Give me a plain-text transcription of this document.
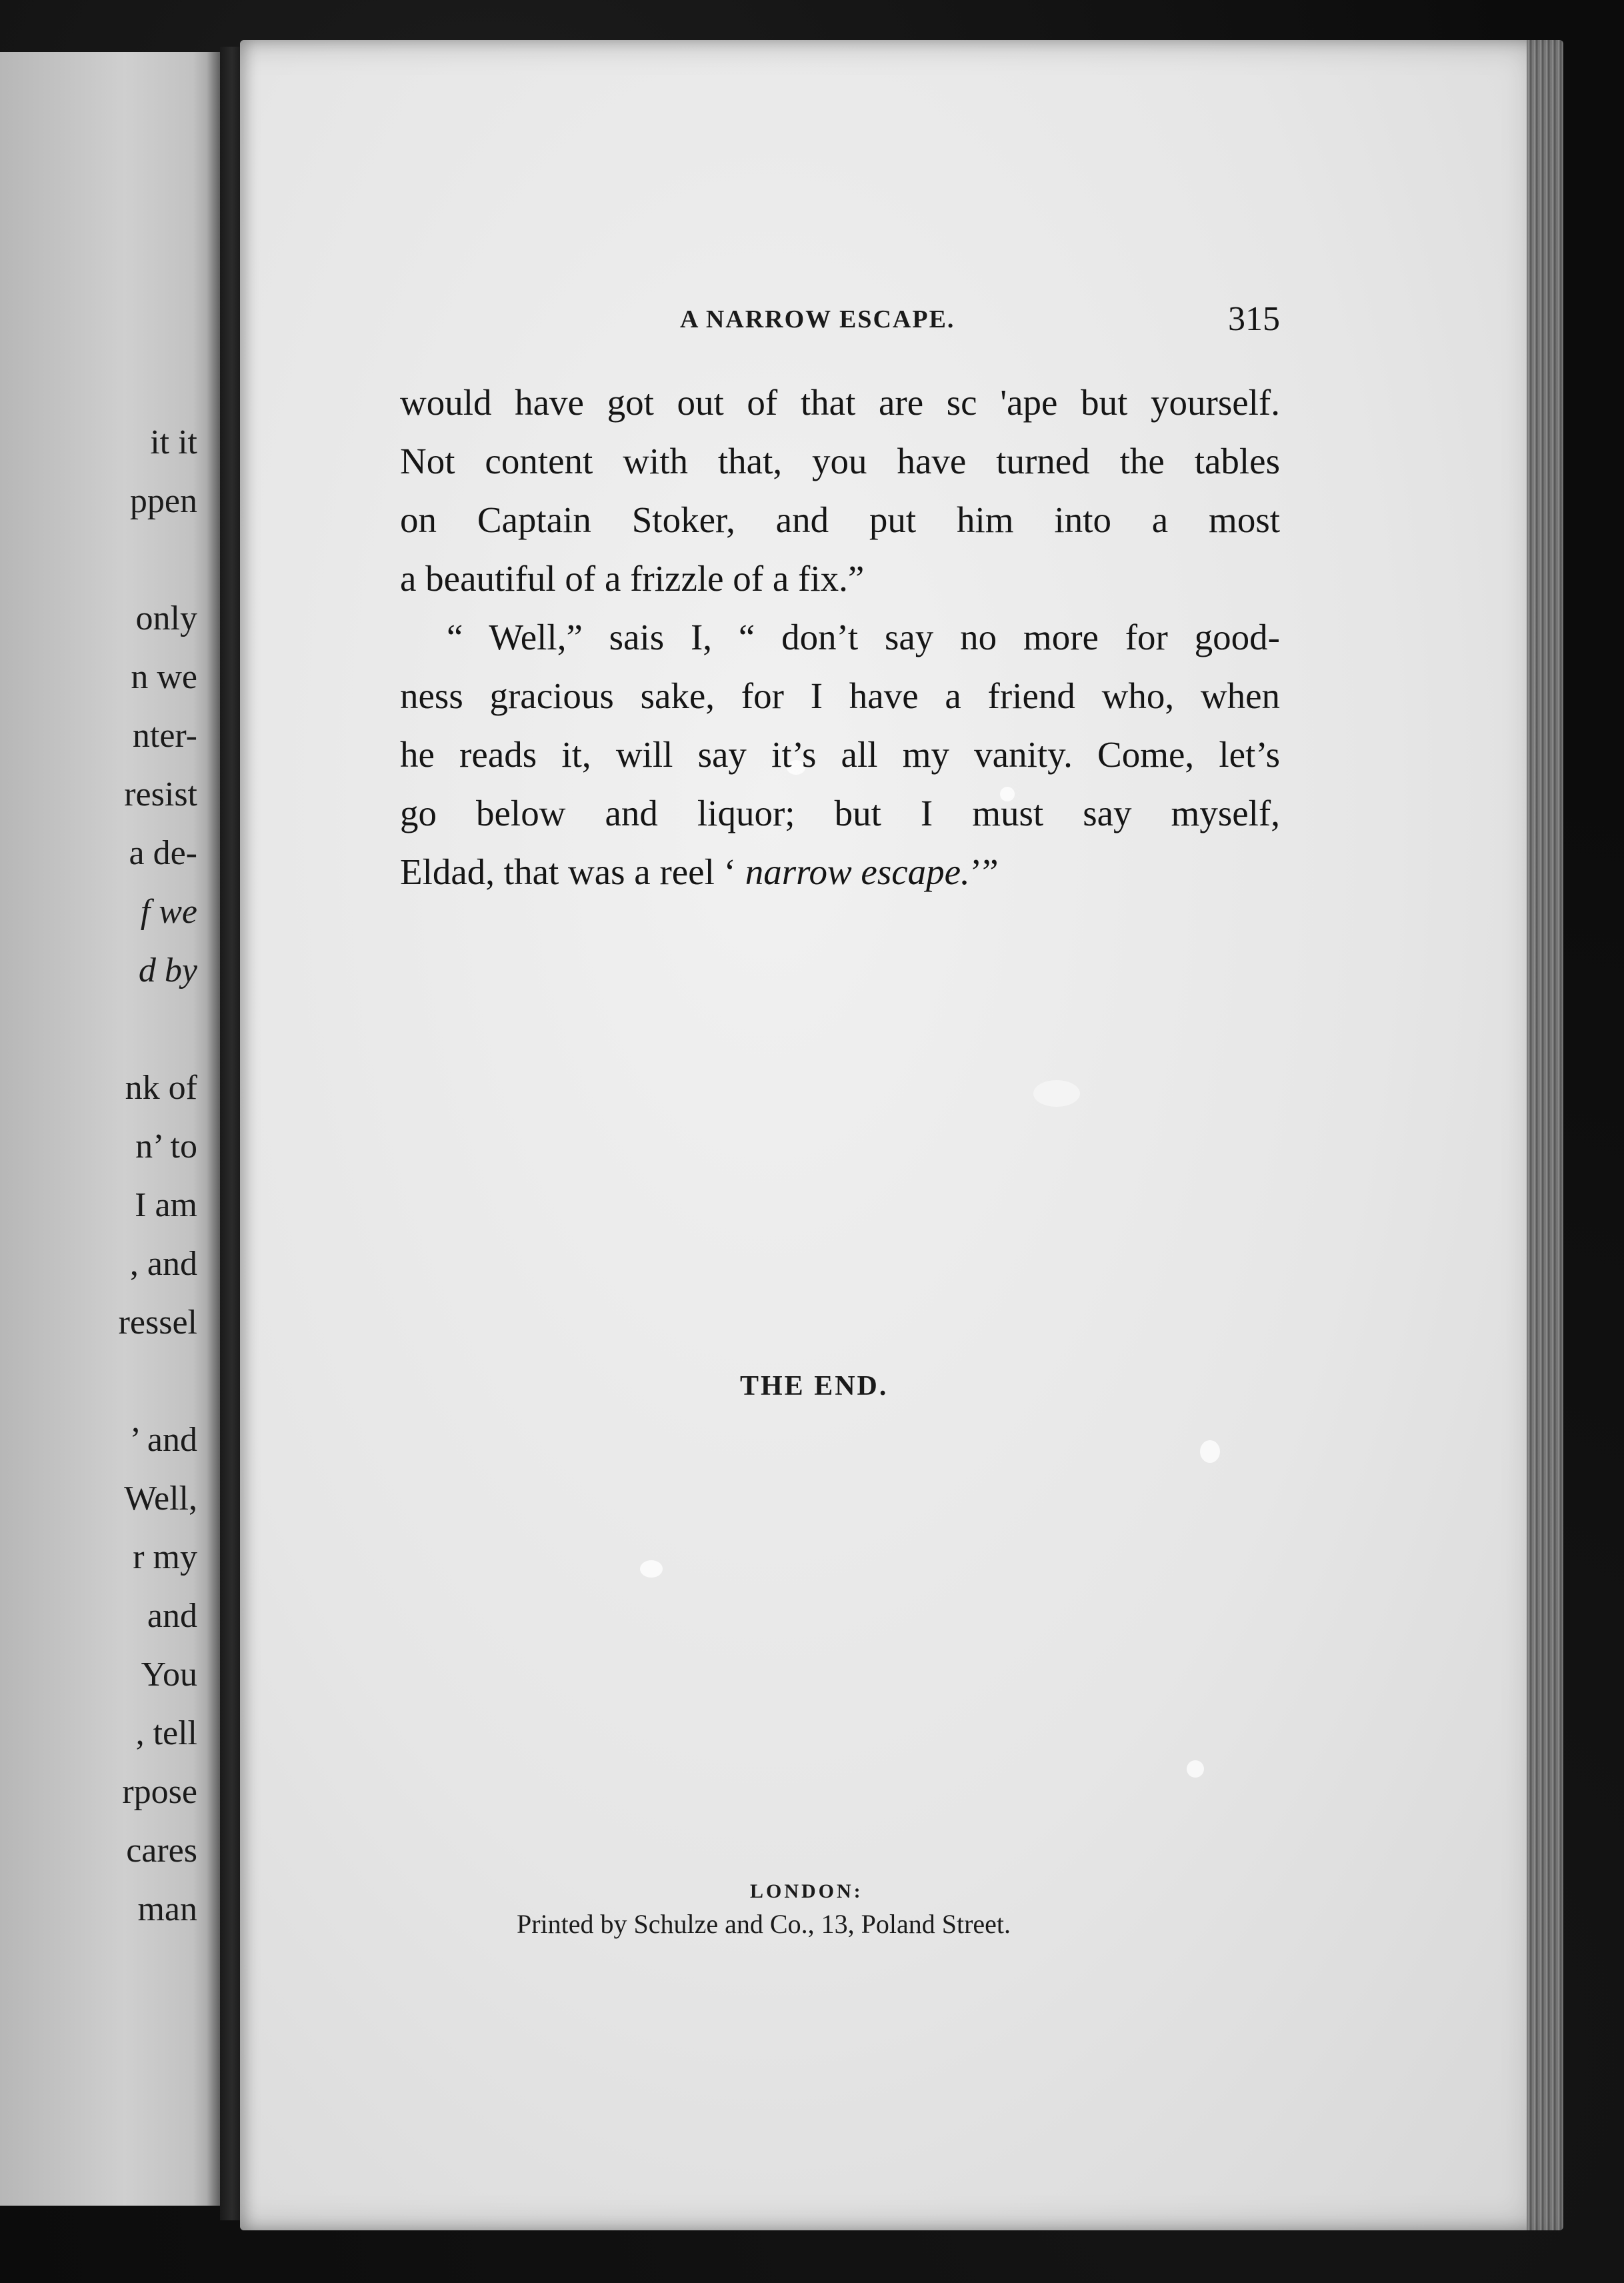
it it
ppen
only
n we
nter-
resist
a de-
f we
d by
nk of
n’ to
I am
, and
ressel
’ and
Well,
r my
and
You
, tell
rpose
cares
man
A NARROW ESCAPE.	315

would have got out of that are sc 'ape but yourself.
Not content with that, you have turned the tables
on Captain Stoker, and put him into a most
a beautiful of a frizzle of a fix.”

“ Well,” sais I, “ don’t say no more for good-
ness gracious sake, for I have a friend who, when
he reads it, will say it’s all my vanity. Come, let’s
go below and liquor; but I must say myself,
Eldad, that was a reel ‘ narrow escape.’”

THE END.
LONDON:
Printed by Schulze and Co., 13, Poland Street.
